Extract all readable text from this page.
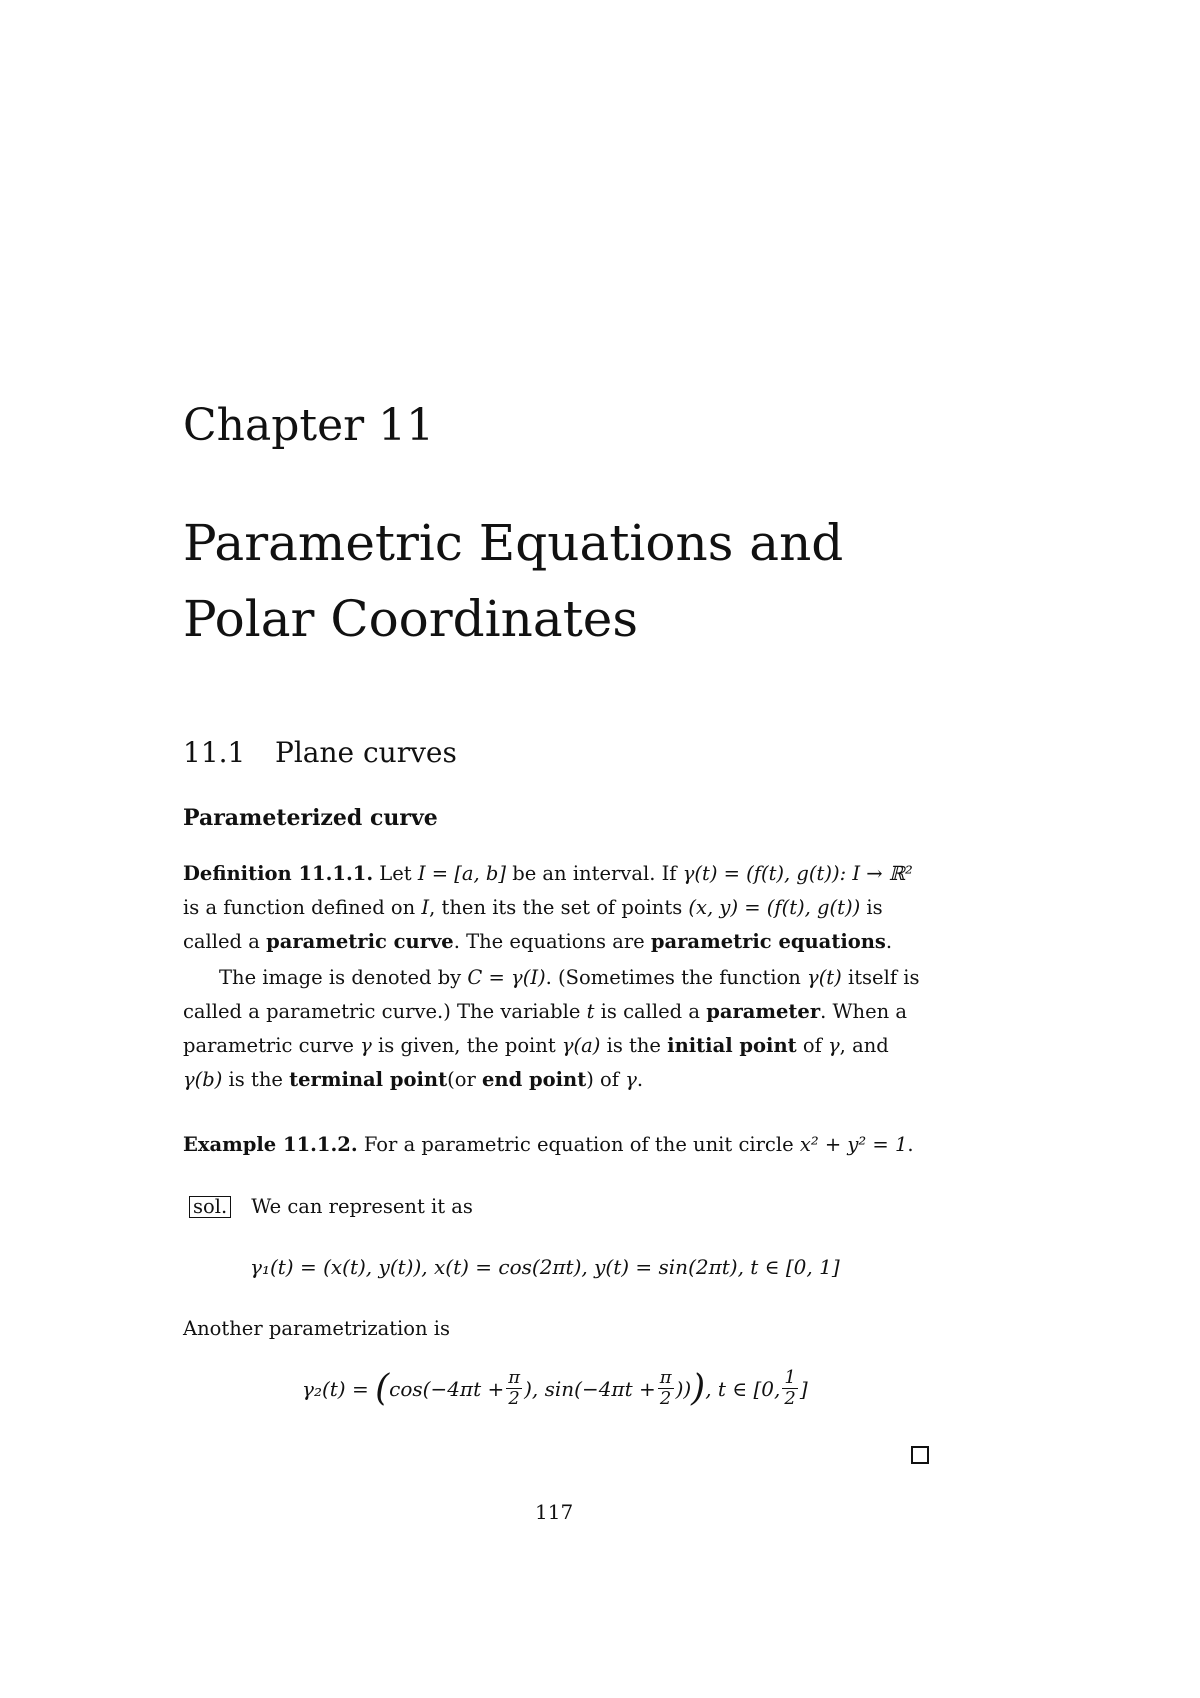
Chapter 11
Parametric Equations and
Polar Coordinates
11.1 Plane curves
Parameterized curve
Definition 11.1.1. Let I = [a, b] be an interval. If γ(t) = (f(t), g(t)): I → ℝ² is a function defined on I, then its the set of points (x, y) = (f(t), g(t)) is called a parametric curve. The equations are parametric equations.
The image is denoted by C = γ(I). (Sometimes the function γ(t) itself is called a parametric curve.) The variable t is called a parameter. When a parametric curve γ is given, the point γ(a) is the initial point of γ, and γ(b) is the terminal point(or end point) of γ.
Example 11.1.2. For a parametric equation of the unit circle x² + y² = 1.
sol. We can represent it as
γ₁(t) = (x(t), y(t)), x(t) = cos(2πt), y(t) = sin(2πt), t ∈ [0, 1]
Another parametrization is
γ₂(t) =
( $\cos(-4\pi t + \frac{\pi}{2}$ ), $\sin(-4\pi t + \frac{\pi}{2}$ )) ) , t ∈ [0, $\frac{1}{2}$ ]
117
